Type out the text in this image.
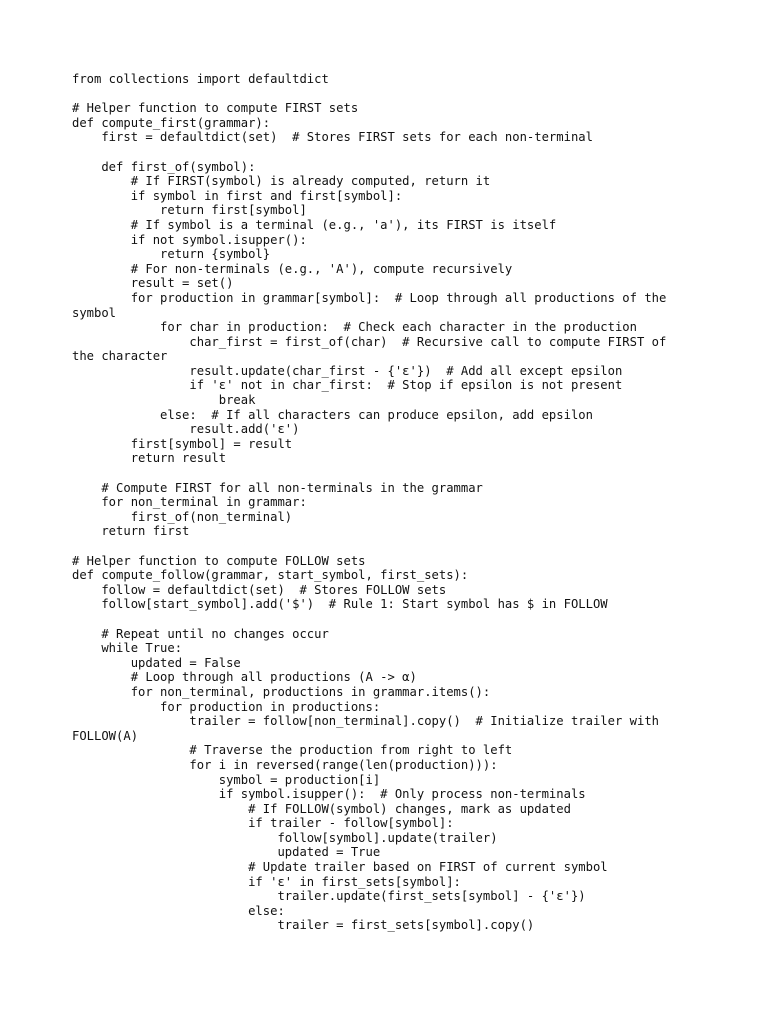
from collections import defaultdict
# Helper function to compute FIRST sets
def compute_first(grammar):
first = defaultdict(set)  # Stores FIRST sets for each non-terminal
def first_of(symbol):
# If FIRST(symbol) is already computed, return it
if symbol in first and first[symbol]:
return first[symbol]
# If symbol is a terminal (e.g., 'a'), its FIRST is itself
if not symbol.isupper():
return {symbol}
# For non-terminals (e.g., 'A'), compute recursively
result = set()
for production in grammar[symbol]:  # Loop through all productions of the
symbol
for char in production:  # Check each character in the production
char_first = first_of(char)  # Recursive call to compute FIRST of
the character
result.update(char_first - {'ε'})  # Add all except epsilon
if 'ε' not in char_first:  # Stop if epsilon is not present
break
else:  # If all characters can produce epsilon, add epsilon
result.add('ε')
first[symbol] = result
return result
# Compute FIRST for all non-terminals in the grammar
for non_terminal in grammar:
first_of(non_terminal)
return first
# Helper function to compute FOLLOW sets
def compute_follow(grammar, start_symbol, first_sets):
follow = defaultdict(set)  # Stores FOLLOW sets
follow[start_symbol].add('$')  # Rule 1: Start symbol has $ in FOLLOW
# Repeat until no changes occur
while True:
updated = False
# Loop through all productions (A -> α)
for non_terminal, productions in grammar.items():
for production in productions:
trailer = follow[non_terminal].copy()  # Initialize trailer with
FOLLOW(A)
# Traverse the production from right to left
for i in reversed(range(len(production))):
symbol = production[i]
if symbol.isupper():  # Only process non-terminals
# If FOLLOW(symbol) changes, mark as updated
if trailer - follow[symbol]:
follow[symbol].update(trailer)
updated = True
# Update trailer based on FIRST of current symbol
if 'ε' in first_sets[symbol]:
trailer.update(first_sets[symbol] - {'ε'})
else:
trailer = first_sets[symbol].copy()
